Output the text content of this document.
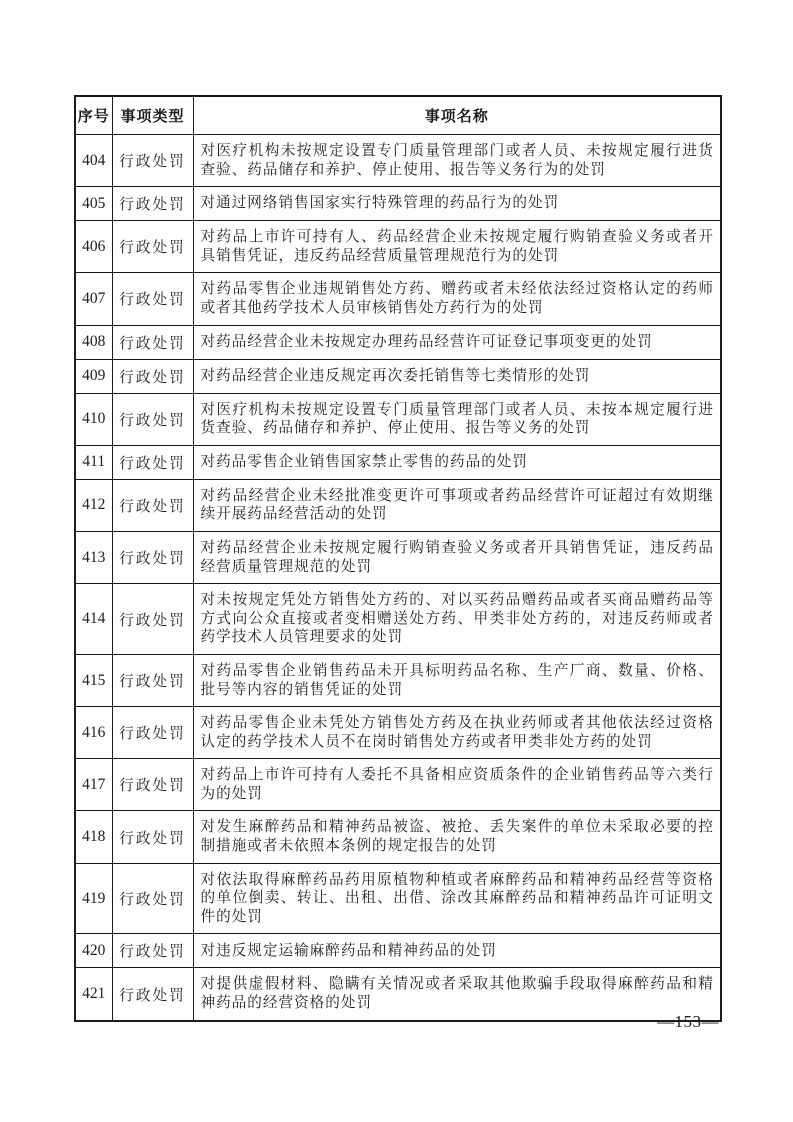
序号	事项类型	事项名称
404	行政处罚	对医疗机构未按规定设置专门质量管理部门或者人员、未按规定履行进货查验、药品储存和养护、停止使用、报告等义务行为的处罚
405	行政处罚	对通过网络销售国家实行特殊管理的药品行为的处罚
406	行政处罚	对药品上市许可持有人、药品经营企业未按规定履行购销查验义务或者开具销售凭证，违反药品经营质量管理规范行为的处罚
407	行政处罚	对药品零售企业违规销售处方药、赠药或者未经依法经过资格认定的药师或者其他药学技术人员审核销售处方药行为的处罚
408	行政处罚	对药品经营企业未按规定办理药品经营许可证登记事项变更的处罚
409	行政处罚	对药品经营企业违反规定再次委托销售等七类情形的处罚
410	行政处罚	对医疗机构未按规定设置专门质量管理部门或者人员、未按本规定履行进货查验、药品储存和养护、停止使用、报告等义务的处罚
411	行政处罚	对药品零售企业销售国家禁止零售的药品的处罚
412	行政处罚	对药品经营企业未经批准变更许可事项或者药品经营许可证超过有效期继续开展药品经营活动的处罚
413	行政处罚	对药品经营企业未按规定履行购销查验义务或者开具销售凭证，违反药品经营质量管理规范的处罚
414	行政处罚	对未按规定凭处方销售处方药的、对以买药品赠药品或者买商品赠药品等方式向公众直接或者变相赠送处方药、甲类非处方药的，对违反药师或者药学技术人员管理要求的处罚
415	行政处罚	对药品零售企业销售药品未开具标明药品名称、生产厂商、数量、价格、批号等内容的销售凭证的处罚
416	行政处罚	对药品零售企业未凭处方销售处方药及在执业药师或者其他依法经过资格认定的药学技术人员不在岗时销售处方药或者甲类非处方药的处罚
417	行政处罚	对药品上市许可持有人委托不具备相应资质条件的企业销售药品等六类行为的处罚
418	行政处罚	对发生麻醉药品和精神药品被盗、被抢、丢失案件的单位未采取必要的控制措施或者未依照本条例的规定报告的处罚
419	行政处罚	对依法取得麻醉药品药用原植物种植或者麻醉药品和精神药品经营等资格的单位倒卖、转让、出租、出借、涂改其麻醉药品和精神药品许可证明文件的处罚
420	行政处罚	对违反规定运输麻醉药品和精神药品的处罚
421	行政处罚	对提供虚假材料、隐瞒有关情况或者采取其他欺骗手段取得麻醉药品和精神药品的经营资格的处罚
—153—
